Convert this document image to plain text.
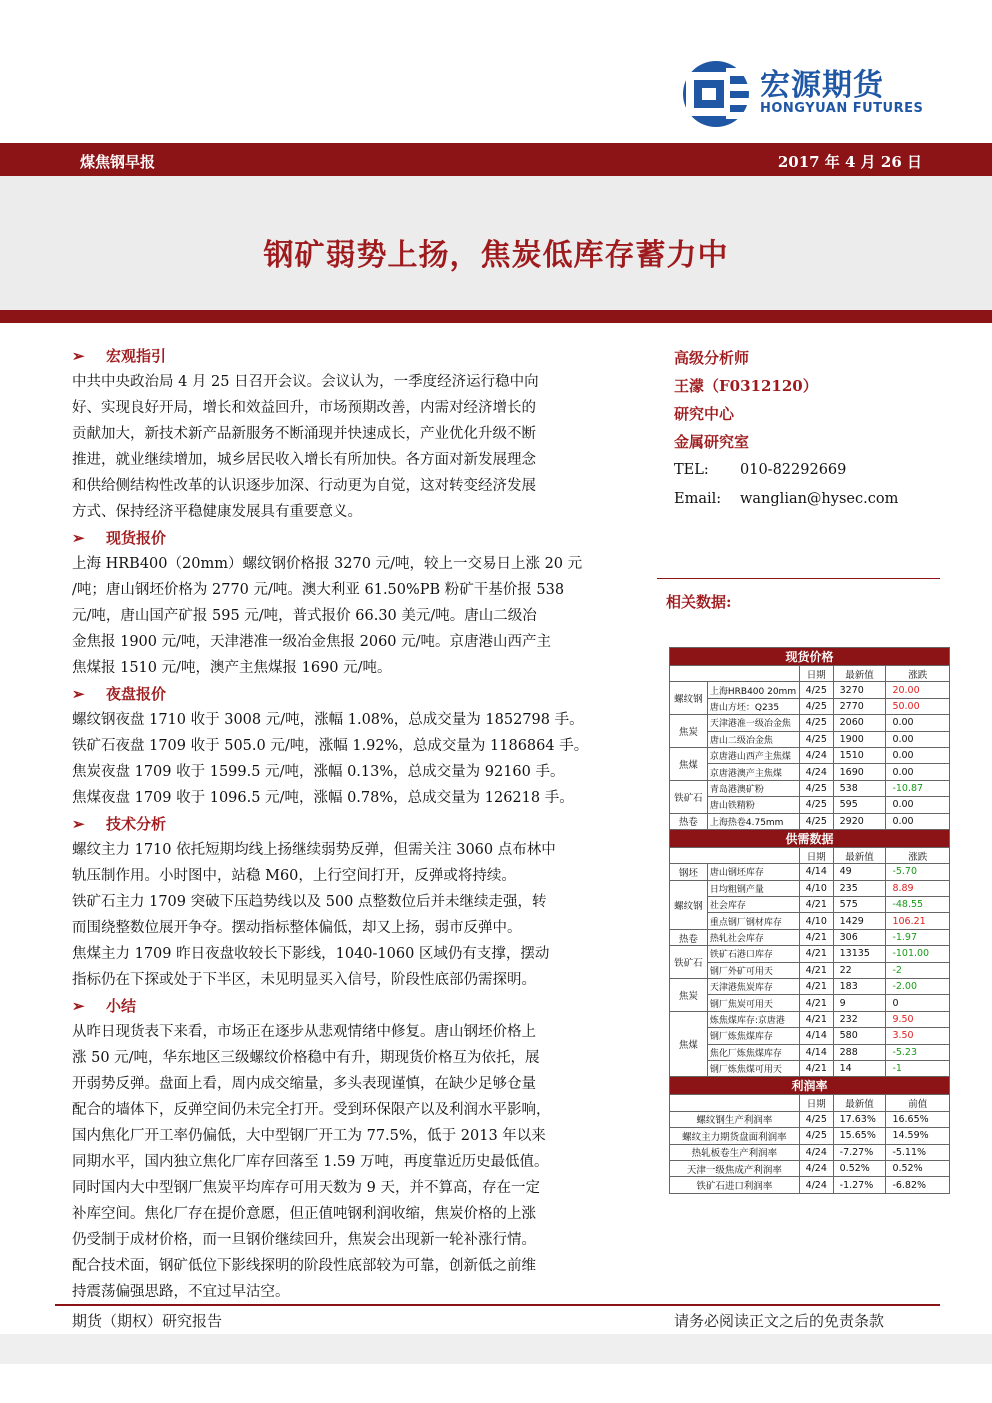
宏源期货
HONGYUAN FUTURES
煤焦钢早报	2017 年 4 月 26 日
钢矿弱势上扬，焦炭低库存蓄力中
➢ 宏观指引

中共中央政治局 4 月 25 日召开会议。会议认为，一季度经济运行稳中向
好、实现良好开局，增长和效益回升，市场预期改善，内需对经济增长的
贡献加大，新技术新产品新服务不断涌现并快速成长，产业优化升级不断
推进，就业继续增加，城乡居民收入增长有所加快。各方面对新发展理念
和供给侧结构性改革的认识逐步加深、行动更为自觉，这对转变经济发展
方式、保持经济平稳健康发展具有重要意义。

➢ 现货报价

上海 HRB400（20mm）螺纹钢价格报 3270 元/吨，较上一交易日上涨 20 元
/吨；唐山钢坯价格为 2770 元/吨。澳大利亚 61.50%PB 粉矿干基价报 538
元/吨，唐山国产矿报 595 元/吨，普式报价 66.30 美元/吨。唐山二级冶
金焦报 1900 元/吨，天津港准一级冶金焦报 2060 元/吨。京唐港山西产主
焦煤报 1510 元/吨，澳产主焦煤报 1690 元/吨。

➢ 夜盘报价

螺纹钢夜盘 1710 收于 3008 元/吨，涨幅 1.08%，总成交量为 1852798 手。
铁矿石夜盘 1709 收于 505.0 元/吨，涨幅 1.92%，总成交量为 1186864 手。
焦炭夜盘 1709 收于 1599.5 元/吨，涨幅 0.13%，总成交量为 92160 手。
焦煤夜盘 1709 收于 1096.5 元/吨，涨幅 0.78%，总成交量为 126218 手。

➢ 技术分析

螺纹主力 1710 依托短期均线上扬继续弱势反弹，但需关注 3060 点布林中
轨压制作用。小时图中，站稳 M60，上行空间打开，反弹或将持续。
铁矿石主力 1709 突破下压趋势线以及 500 点整数位后并未继续走强，转
而围绕整数位展开争夺。摆动指标整体偏低，却又上扬，弱市反弹中。
焦煤主力 1709 昨日夜盘收较长下影线，1040-1060 区域仍有支撑，摆动
指标仍在下探或处于下半区，未见明显买入信号，阶段性底部仍需探明。

➢ 小结

从昨日现货表下来看，市场正在逐步从悲观情绪中修复。唐山钢坯价格上
涨 50 元/吨，华东地区三级螺纹价格稳中有升，期现货价格互为依托，展
开弱势反弹。盘面上看，周内成交缩量，多头表现谨慎，在缺少足够仓量
配合的墙体下，反弹空间仍未完全打开。受到环保限产以及利润水平影响，
国内焦化厂开工率仍偏低，大中型钢厂开工为 77.5%，低于 2013 年以来
同期水平，国内独立焦化厂库存回落至 1.59 万吨，再度靠近历史最低值。
同时国内大中型钢厂焦炭平均库存可用天数为 9 天，并不算高，存在一定
补库空间。焦化厂存在提价意愿，但正值吨钢利润收缩，焦炭价格的上涨
仍受制于成材价格，而一旦钢价继续回升，焦炭会出现新一轮补涨行情。
配合技术面，钢矿低位下影线探明的阶段性底部较为可靠，创新低之前维
持震荡偏强思路，不宜过早沽空。

高级分析师
王濛（F0312120）
研究中心
金属研究室
TEL: 010-82292669
Email: wanglian@hysec.com
相关数据:
现货价格				
		日期	最新值	涨跌
螺纹钢	上海HRB400 20mm	4/25	3270	20.00
	唐山方坯：Q235	4/25	2770	50.00
焦炭	天津港准一级冶金焦	4/25	2060	0.00
	唐山二级冶金焦	4/25	1900	0.00
焦煤	京唐港山西产主焦煤	4/24	1510	0.00
	京唐港澳产主焦煤	4/24	1690	0.00
铁矿石	青岛港澳矿粉	4/25	538	-10.87
	唐山铁精粉	4/25	595	0.00
热卷	上海热卷4.75mm	4/25	2920	0.00
供需数据				
		日期	最新值	涨跌
钢坯	唐山钢坯库存	4/14	49	-5.70
螺纹钢	日均粗钢产量	4/10	235	8.89
	社会库存	4/21	575	-48.55
	重点钢厂钢材库存	4/10	1429	106.21
热卷	热轧社会库存	4/21	306	-1.97
铁矿石	铁矿石港口库存	4/21	13135	-101.00
	钢厂外矿可用天	4/21	22	-2
焦炭	天津港焦炭库存	4/21	183	-2.00
	钢厂焦炭可用天	4/21	9	0
焦煤	炼焦煤库存:京唐港	4/21	232	9.50
	钢厂炼焦煤库存	4/14	580	3.50
	焦化厂炼焦煤库存	4/14	288	-5.23
	钢厂炼焦煤可用天	4/21	14	-1
利润率				
		日期	最新值	前值
螺纹钢生产利润率		4/25	17.63%	16.65%
螺纹主力期货盘面利润率		4/25	15.65%	14.59%
热轧板卷生产利润率		4/24	-7.27%	-5.11%
天津一级焦成产利润率		4/24	0.52%	0.52%
铁矿石进口利润率		4/24	-1.27%	-6.82%
期货（期权）研究报告	请务必阅读正文之后的免责条款
